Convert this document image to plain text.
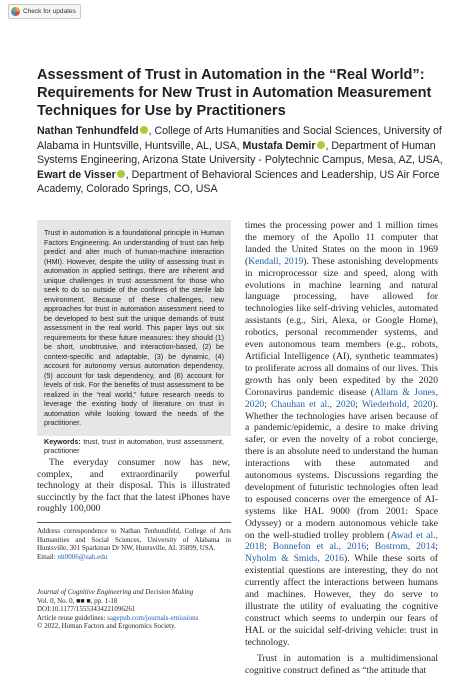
Check for updates
Assessment of Trust in Automation in the “Real World”: Requirements for New Trust in Automation Measurement Techniques for Use by Practitioners

Nathan Tenhundfeld , College of Arts Humanities and Social Sciences, University of Alabama in Huntsville, Huntsville, AL, USA, Mustafa Demir , Department of Human Systems Engineering, Arizona State University - Polytechnic Campus, Mesa, AZ, USA, Ewart de Visser , Department of Behavioral Sciences and Leadership, US Air Force Academy, Colorado Springs, CO, USA

Trust in automation is a foundational principle in Human Factors Engineering. An understanding of trust can help predict and alter much of human-machine interaction (HMI). However, despite the utility of assessing trust in automation in applied settings, there are inherent and unique challenges in trust assessment for those who seek to do so outside of the confines of the sterile lab environment. Because of these challenges, new approaches for trust in automation assessment need to be developed to best suit the unique demands of trust assessment in the real world. This paper lays out six requirements for these future measures: they should (1) be short, unobtrusive, and interaction-based, (2) be context-specific and adaptable, (3) be dynamic, (4) account for autonomy versus automation dependency, (5) account for task dependency, and (6) account for levels of risk. For the benefits of trust assessment to be realized in the “real world,” future research needs to leverage the existing body of literature on trust in automation while looking toward the needs of the practitioner.

Keywords: trust, trust in automation, trust assessment, practitioner

The everyday consumer now has new, complex, and extraordinarily powerful technology at their disposal. This is illustrated succinctly by the fact that the latest iPhones have roughly 100,000

Address correspondence to Nathan Tenhundfeld, College of Arts Humanities and Social Sciences, University of Alabama in Huntsville, 301 Sparkman Dr NW, Huntsville, AL 35899, USA.
Email: nlt0006@uah.edu

Journal of Cognitive Engineering and Decision Making
Vol. 0, No. 0, ■■ ■, pp. 1-18
DOI:10.1177/15553434221096261
Article reuse guidelines: sagepub.com/journals-emissions
© 2022, Human Factors and Ergonomics Society.

times the processing power and 1 million times the memory of the Apollo 11 computer that landed the United States on the moon in 1969 (Kendall, 2019). These astonishing developments in microprocessor size and speed, along with evolutions in machine learning and natural language processing, have allowed for technologies like self-driving vehicles, automated assistants (e.g., Siri, Alexa, or Google Home), robotics, personal recommender systems, and even autonomous team members (e.g., robots, Artificial Intelligence (AI), synthetic teammates) to proliferate across all domains of our lives. This growth has only been expedited by the 2020 Coronavirus pandemic disease (Allam & Jones, 2020; Chauhan et al., 2020; Wiederhold, 2020). Whether the technologies have arisen because of a pandemic/epidemic, a desire to make driving safer, or even the novelty of a robot concierge, there is an absolute need to understand the human interactions with these automated and autonomous systems. Discussions regarding the development of futuristic technologies often lead to espoused concerns over the emergence of AI-systems like HAL 9000 (from 2001: Space Odyssey) or a modern autonomous vehicle take on the well-studied trolley problem (Awad et al., 2018; Bonnefon et al., 2016; Bostrom, 2014; Nyholm & Smids, 2016). While these sorts of existential questions are interesting, they do not currently affect the interactions between humans and machines. However, they do serve to illustrate the utility of evaluating the cognitive construct which seems to underpin our fears of HAL or the suicidal self-driving vehicle: trust in technology.

Trust in automation is a multidimensional cognitive construct defined as “the attitude that
